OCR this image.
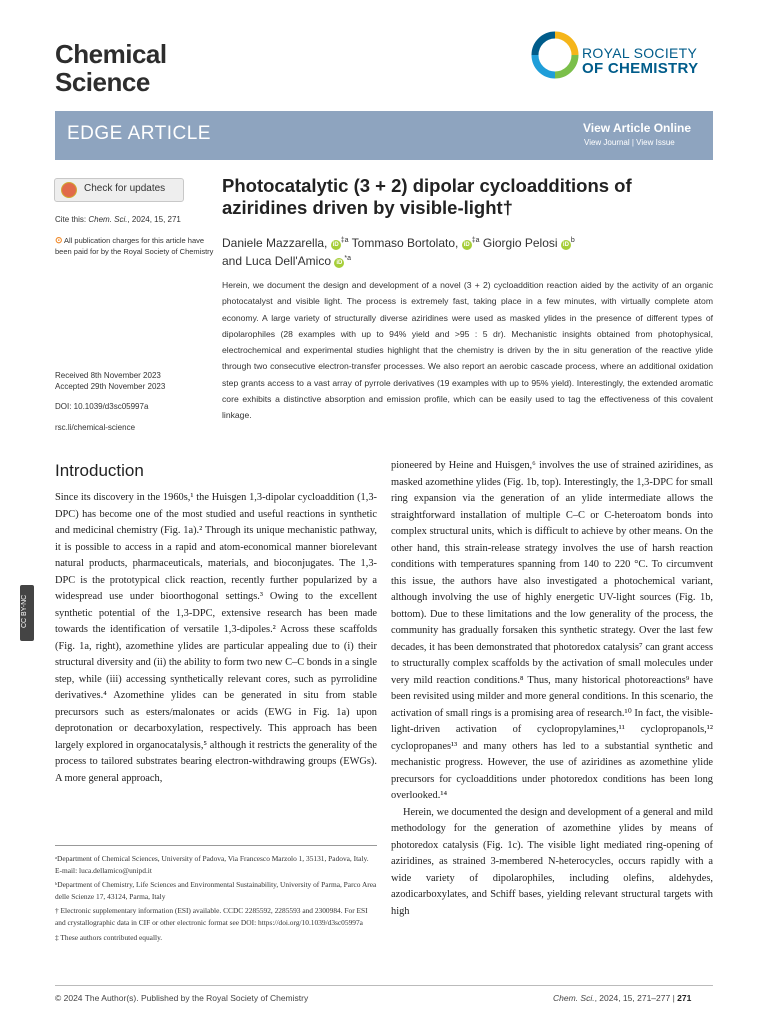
Chemical
Science
ROYAL SOCIETY
OF CHEMISTRY
EDGE ARTICLE	View Article Online
View Journal | View Issue
Check for updates
Cite this: Chem. Sci., 2024, 15, 271
⊙ All publication charges for this article have been paid for by the Royal Society of Chemistry
Received 8th November 2023
Accepted 29th November 2023
DOI: 10.1039/d3sc05997a
rsc.li/chemical-science
CC BY-NC
Photocatalytic (3 + 2) dipolar cycloadditions of aziridines driven by visible-light†
Daniele Mazzarella, $iD^{\ddagger a}$ Tommaso Bortolato, $iD^{\ddagger a}$ Giorgio Pelosi $iD^b$
and Luca Dell'Amico $iD^{*a}$
Herein, we document the design and development of a novel (3 + 2) cycloaddition reaction aided by the activity of an organic photocatalyst and visible light. The process is extremely fast, taking place in a few minutes, with virtually complete atom economy. A large variety of structurally diverse aziridines were used as masked ylides in the presence of different types of dipolarophiles (28 examples with up to 94% yield and >95 : 5 dr). Mechanistic insights obtained from photophysical, electrochemical and experimental studies highlight that the chemistry is driven by the in situ generation of the reactive ylide through two consecutive electron-transfer processes. We also report an aerobic cascade process, where an additional oxidation step grants access to a vast array of pyrrole derivatives (19 examples with up to 95% yield). Interestingly, the extended aromatic core exhibits a distinctive absorption and emission profile, which can be easily used to tag the effectiveness of this covalent linkage.
Introduction

Since its discovery in the 1960s,¹ the Huisgen 1,3-dipolar cycloaddition (1,3-DPC) has become one of the most studied and useful reactions in synthetic and medicinal chemistry (Fig. 1a).² Through its unique mechanistic pathway, it is possible to access in a rapid and atom-economical manner biorelevant natural products, pharmaceuticals, materials, and bioconjugates. The 1,3-DPC is the prototypical click reaction, recently further popularized by a widespread use under bioorthogonal settings.³ Owing to the excellent synthetic potential of the 1,3-DPC, extensive research has been made towards the identification of versatile 1,3-dipoles.² Across these scaffolds (Fig. 1a, right), azomethine ylides are particular appealing due to (i) their structural diversity and (ii) the ability to form two new C–C bonds in a single step, while (iii) accessing synthetically relevant cores, such as pyrrolidine derivatives.⁴ Azomethine ylides can be generated in situ from stable precursors such as esters/malonates or acids (EWG in Fig. 1a) upon deprotonation or decarboxylation, respectively. This approach has been largely explored in organocatalysis,⁵ although it restricts the generality of the process to tailored substrates bearing electron-withdrawing groups (EWGs). A more general approach,

pioneered by Heine and Huisgen,⁶ involves the use of strained aziridines, as masked azomethine ylides (Fig. 1b, top). Interestingly, the 1,3-DPC for small ring expansion via the generation of an ylide intermediate allows the straightforward installation of multiple C–C or C-heteroatom bonds into complex structural units, which is difficult to achieve by other means. On the other hand, this strain-release strategy involves the use of harsh reaction conditions with temperatures spanning from 140 to 220 °C. To circumvent this issue, the authors have also investigated a photochemical variant, although involving the use of highly energetic UV-light sources (Fig. 1b, bottom). Due to these limitations and the low generality of the process, the community has gradually forsaken this synthetic strategy. Over the last few decades, it has been demonstrated that photoredox catalysis⁷ can grant access to structurally complex scaffolds by the activation of small molecules under very mild reaction conditions.⁸ Thus, many historical photoreactions⁹ have been revisited using milder and more general conditions. In this scenario, the activation of small rings is a promising area of research.¹⁰ In fact, the visible-light-driven activation of cyclopropylamines,¹¹ cyclopropanols,¹² cyclopropanes¹³ and many others has led to a substantial synthetic and mechanistic progress. However, the use of aziridines as azomethine ylide precursors for cycloadditions under photoredox conditions has been long overlooked.¹⁴

Herein, we documented the design and development of a general and mild methodology for the generation of azomethine ylides by means of photoredox catalysis (Fig. 1c). The visible light mediated ring-opening of aziridines, as strained 3-membered N-heterocycles, occurs rapidly with a wide variety of dipolarophiles, including olefins, aldehydes, azodicarboxylates, and Schiff bases, yielding relevant structural targets with high

ᵃDepartment of Chemical Sciences, University of Padova, Via Francesco Marzolo 1, 35131, Padova, Italy. E-mail: luca.dellamico@unipd.it

ᵇDepartment of Chemistry, Life Sciences and Environmental Sustainability, University of Parma, Parco Area delle Scienze 17, 43124, Parma, Italy

† Electronic supplementary information (ESI) available. CCDC 2285592, 2285593 and 2300984. For ESI and crystallographic data in CIF or other electronic format see DOI: https://doi.org/10.1039/d3sc05997a

‡ These authors contributed equally.

© 2024 The Author(s). Published by the Royal Society of Chemistry	Chem. Sci., 2024, 15, 271–277 | 271
